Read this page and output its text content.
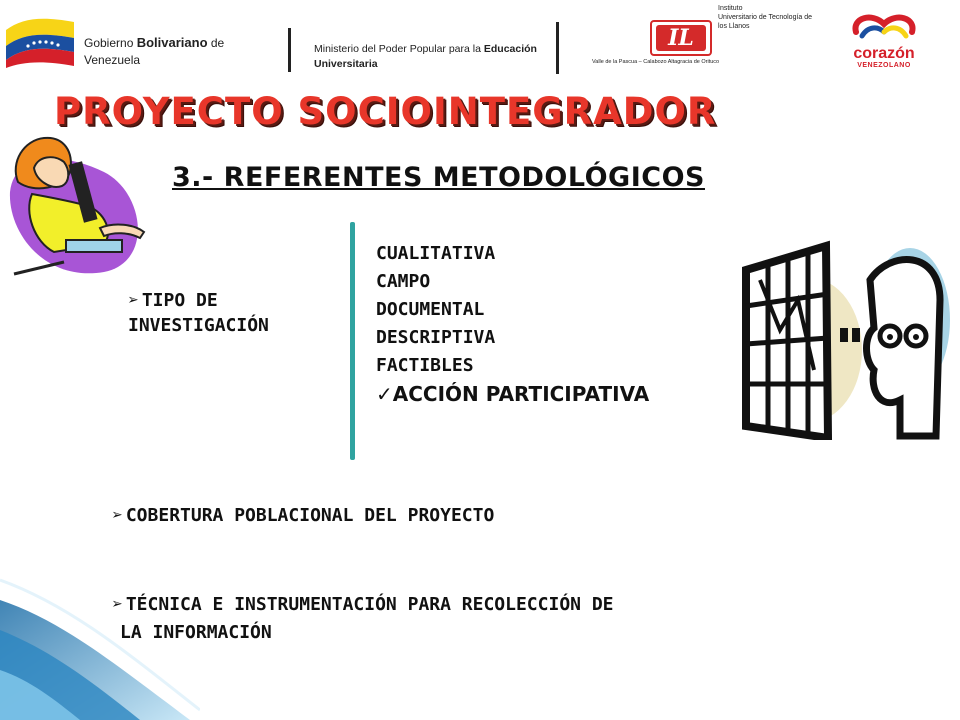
Gobierno Bolivariano de
Venezuela
Ministerio del Poder Popular para la Educación
Universitaria
IL
Instituto
Universitario de Tecnología de
los Llanos
Valle de la Pascua – Calabozo Altagracia de Orituco	corazón
VENEZOLANO
PROYECTO SOCIOINTEGRADOR
3.- REFERENTES METODOLÓGICOS
➢ TIPO DE
INVESTIGACIÓN
CUALITATIVA
CAMPO
DOCUMENTAL
DESCRIPTIVA
FACTIBLES
✓ACCIÓN PARTICIPATIVA
➢ COBERTURA POBLACIONAL DEL PROYECTO
➢ TÉCNICA E INSTRUMENTACIÓN PARA RECOLECCIÓN DE
LA INFORMACIÓN
